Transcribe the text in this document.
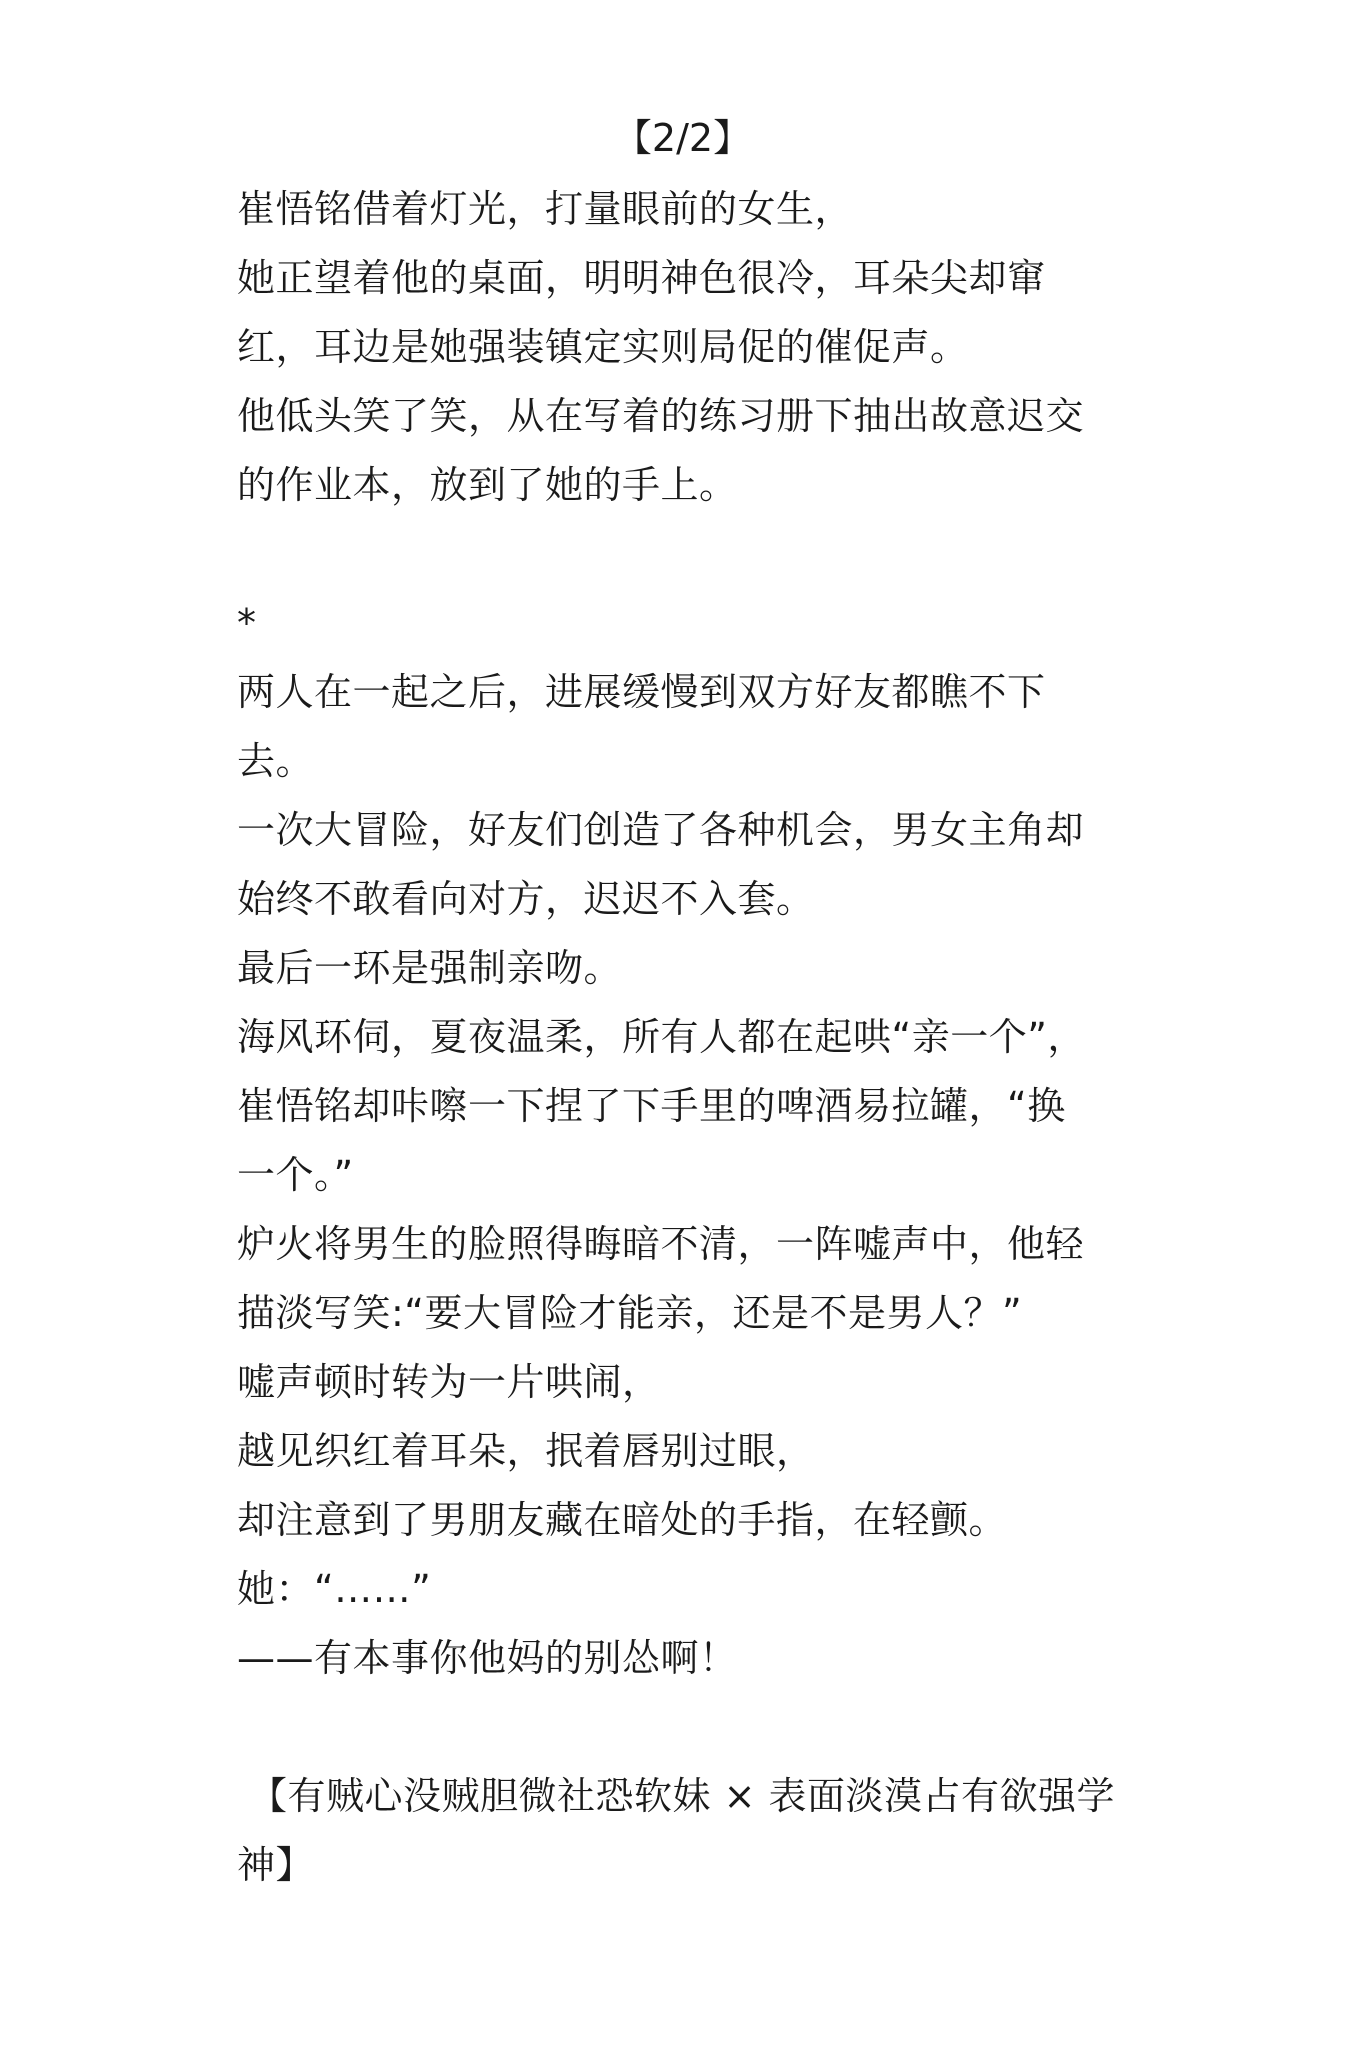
【2/2】
崔悟铭借着灯光，打量眼前的女生，
她正望着他的桌面，明明神色很冷，耳朵尖却窜
红，耳边是她强装镇定实则局促的催促声。
他低头笑了笑，从在写着的练习册下抽出故意迟交
的作业本，放到了她的手上。
*
两人在一起之后，进展缓慢到双方好友都瞧不下
去。
一次大冒险，好友们创造了各种机会，男女主角却
始终不敢看向对方，迟迟不入套。
最后一环是强制亲吻。
海风环伺，夏夜温柔，所有人都在起哄“亲一个”，
崔悟铭却咔嚓一下捏了下手里的啤酒易拉罐，“换
一个。”
炉火将男生的脸照得晦暗不清，一阵嘘声中，他轻
描淡写笑:“要大冒险才能亲，还是不是男人？”
嘘声顿时转为一片哄闹，
越见织红着耳朵，抿着唇别过眼，
却注意到了男朋友藏在暗处的手指，在轻颤。
她：“……”
——有本事你他妈的别怂啊！
【有贼心没贼胆微社恐软妹 × 表面淡漠占有欲强学
神】
